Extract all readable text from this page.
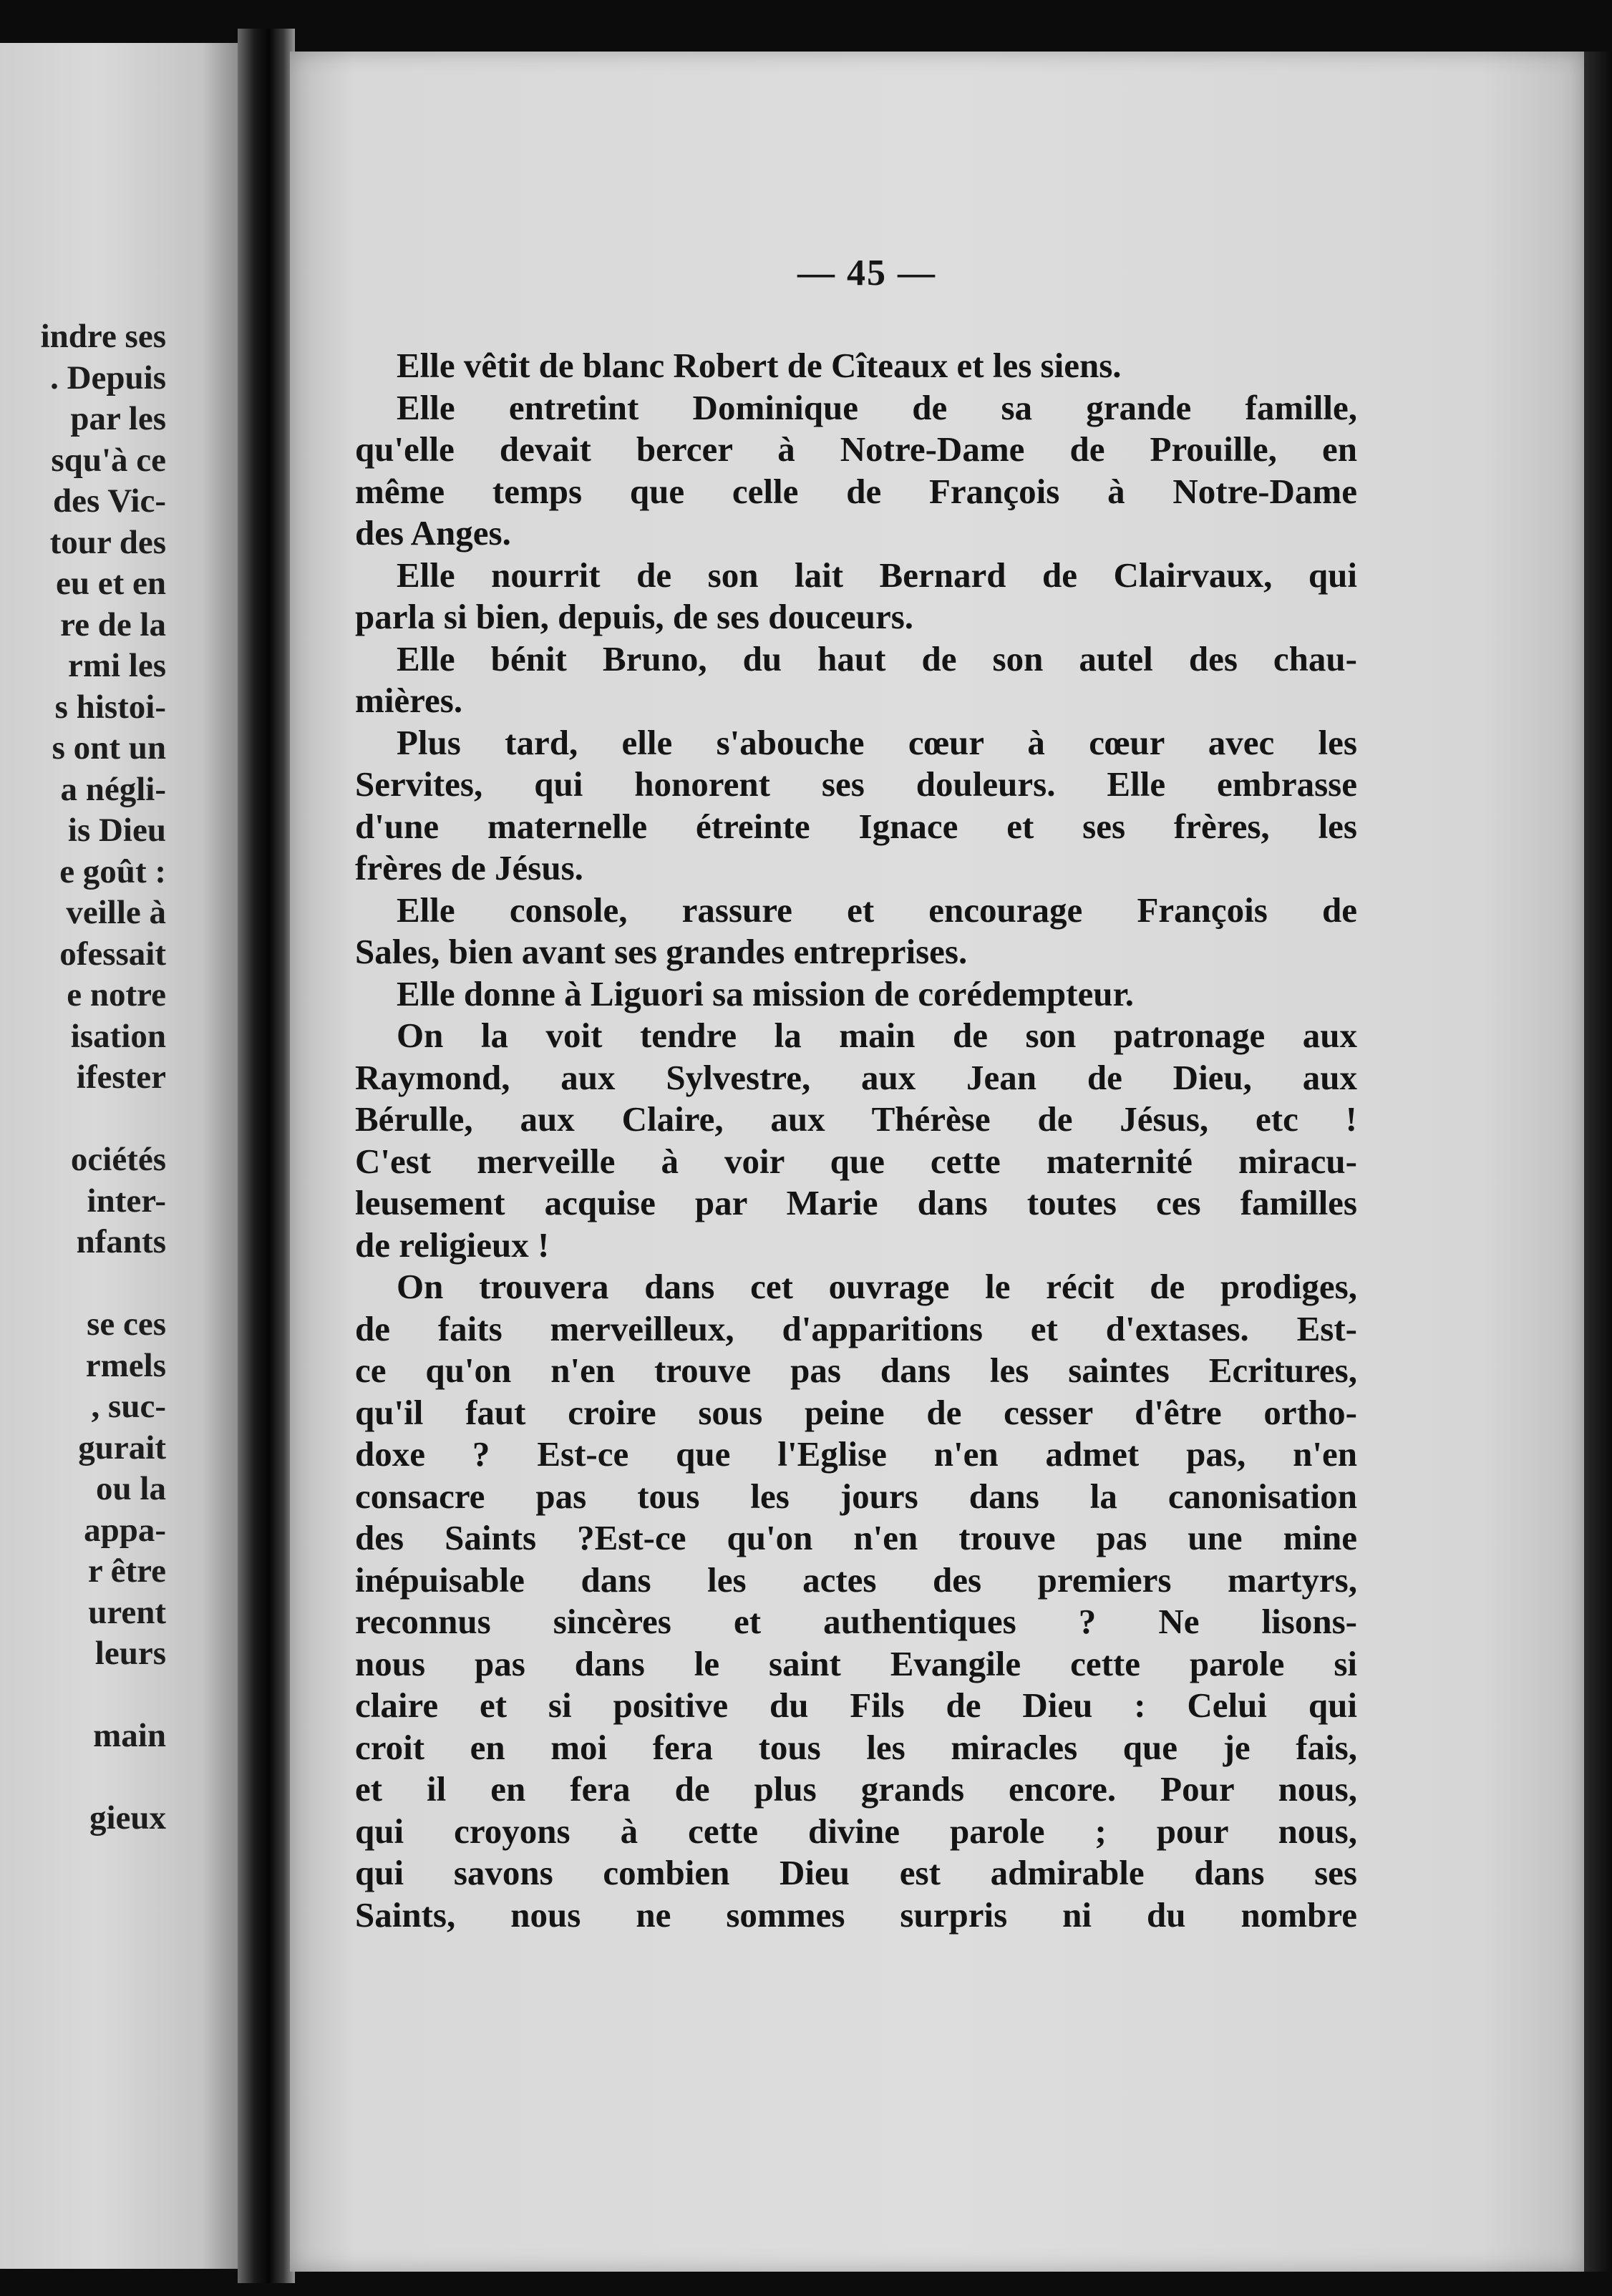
indre ses
. Depuis
par les
squ'à ce
des Vic-
tour des
eu et en
re de la
rmi les
s histoi-
s ont un
a négli-
is Dieu
e goût :
veille à
ofessait
e notre
isation
ifester
ociétés
inter-
nfants
se ces
rmels
, suc-
gurait
ou la
appa-
r être
urent
leurs
main
gieux
— 45 —
Elle vêtit de blanc Robert de Cîteaux et les siens.
Elle entretint Dominique de sa grande famille,
qu'elle devait bercer à Notre-Dame de Prouille, en
même temps que celle de François à Notre-Dame
des Anges.
Elle nourrit de son lait Bernard de Clairvaux, qui
parla si bien, depuis, de ses douceurs.
Elle bénit Bruno, du haut de son autel des chau-
mières.
Plus tard, elle s'abouche cœur à cœur avec les
Servites, qui honorent ses douleurs. Elle embrasse
d'une maternelle étreinte Ignace et ses frères, les
frères de Jésus.
Elle console, rassure et encourage François de
Sales, bien avant ses grandes entreprises.
Elle donne à Liguori sa mission de corédempteur.
On la voit tendre la main de son patronage aux
Raymond, aux Sylvestre, aux Jean de Dieu, aux
Bérulle, aux Claire, aux Thérèse de Jésus, etc !
C'est merveille à voir que cette maternité miracu-
leusement acquise par Marie dans toutes ces familles
de religieux !
On trouvera dans cet ouvrage le récit de prodiges,
de faits merveilleux, d'apparitions et d'extases. Est-
ce qu'on n'en trouve pas dans les saintes Ecritures,
qu'il faut croire sous peine de cesser d'être ortho-
doxe ? Est-ce que l'Eglise n'en admet pas, n'en
consacre pas tous les jours dans la canonisation
des Saints ?Est-ce qu'on n'en trouve pas une mine
inépuisable dans les actes des premiers martyrs,
reconnus sincères et authentiques ? Ne lisons-
nous pas dans le saint Evangile cette parole si
claire et si positive du Fils de Dieu : Celui qui
croit en moi fera tous les miracles que je fais,
et il en fera de plus grands encore. Pour nous,
qui croyons à cette divine parole ; pour nous,
qui savons combien Dieu est admirable dans ses
Saints, nous ne sommes surpris ni du nombre
